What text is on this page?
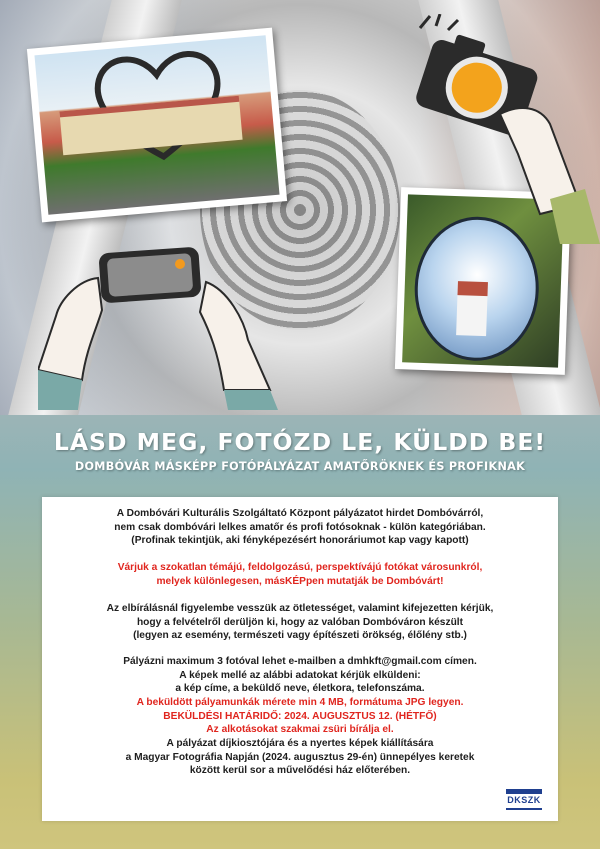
LÁSD MEG, FOTÓZD LE, KÜLDD BE!
DOMBÓVÁR MÁSKÉPP FOTÓPÁLYÁZAT AMATŐRÖKNEK ÉS PROFIKNAK

A Dombóvári Kulturális Szolgáltató Központ pályázatot hirdet Dombóvárról,

nem csak dombóvári lelkes amatőr és profi fotósoknak - külön kategóriában.

(Profinak tekintjük, aki fényképezésért honoráriumot kap vagy kapott)

Várjuk a szokatlan témájú, feldolgozású, perspektívájú fotókat városunkról,

melyek különlegesen, másKÉPpen mutatják be Dombóvárt!

Az elbírálásnál figyelembe vesszük az ötletességet, valamint kifejezetten kérjük,

hogy a felvételről derüljön ki, hogy az valóban Dombóváron készült

(legyen az esemény, természeti vagy építészeti örökség, élőlény stb.)

Pályázni maximum 3 fotóval lehet e-mailben a dmhkft@gmail.com címen.

A képek mellé az alábbi adatokat kérjük elküldeni:

a kép címe, a beküldő neve, életkora, telefonszáma.

A beküldött pályamunkák mérete min 4 MB, formátuma JPG legyen.

BEKÜLDÉSI HATÁRIDŐ: 2024. AUGUSZTUS 12. (HÉTFŐ)

Az alkotásokat szakmai zsüri bírálja el.

A pályázat díjkiosztójára és a nyertes képek kiállítására

a Magyar Fotográfia Napján (2024. augusztus 29-én) ünnepélyes keretek

között kerül sor a művelődési ház előterében.

DKSZK
